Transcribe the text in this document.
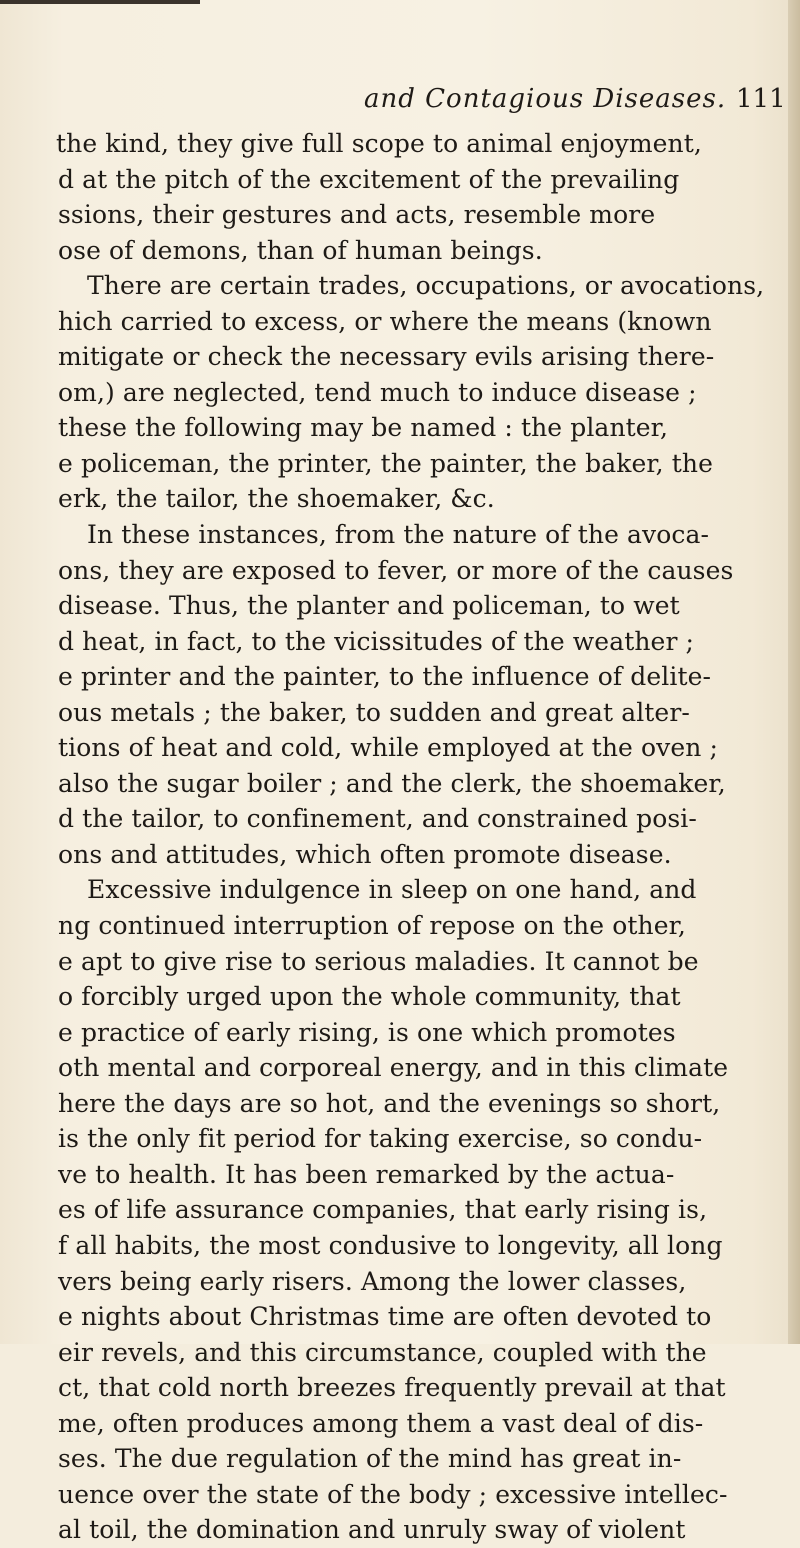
and Contagious Diseases. 111
the kind, they give full scope to animal enjoyment,
d at the pitch of the excitement of the prevailing
ssions, their gestures and acts, resemble more
ose of demons, than of human beings.
There are certain trades, occupations, or avocations,
hich carried to excess, or where the means (known
mitigate or check the necessary evils arising there-
om,) are neglected, tend much to induce disease ;
these the following may be named : the planter,
e policeman, the printer, the painter, the baker, the
erk, the tailor, the shoemaker, &c.
In these instances, from the nature of the avoca-
ons, they are exposed to fever, or more of the causes
disease. Thus, the planter and policeman, to wet
d heat, in fact, to the vicissitudes of the weather ;
e printer and the painter, to the influence of delite-
ous metals ; the baker, to sudden and great alter-
tions of heat and cold, while employed at the oven ;
also the sugar boiler ; and the clerk, the shoemaker,
d the tailor, to confinement, and constrained posi-
ons and attitudes, which often promote disease.
Excessive indulgence in sleep on one hand, and
ng continued interruption of repose on the other,
e apt to give rise to serious maladies. It cannot be
o forcibly urged upon the whole community, that
e practice of early rising, is one which promotes
oth mental and corporeal energy, and in this climate
here the days are so hot, and the evenings so short,
is the only fit period for taking exercise, so condu-
ve to health. It has been remarked by the actua-
es of life assurance companies, that early rising is,
f all habits, the most condusive to longevity, all long
vers being early risers. Among the lower classes,
e nights about Christmas time are often devoted to
eir revels, and this circumstance, coupled with the
ct, that cold north breezes frequently prevail at that
me, often produces among them a vast deal of dis-
ses. The due regulation of the mind has great in-
uence over the state of the body ; excessive intellec-
al toil, the domination and unruly sway of violent
